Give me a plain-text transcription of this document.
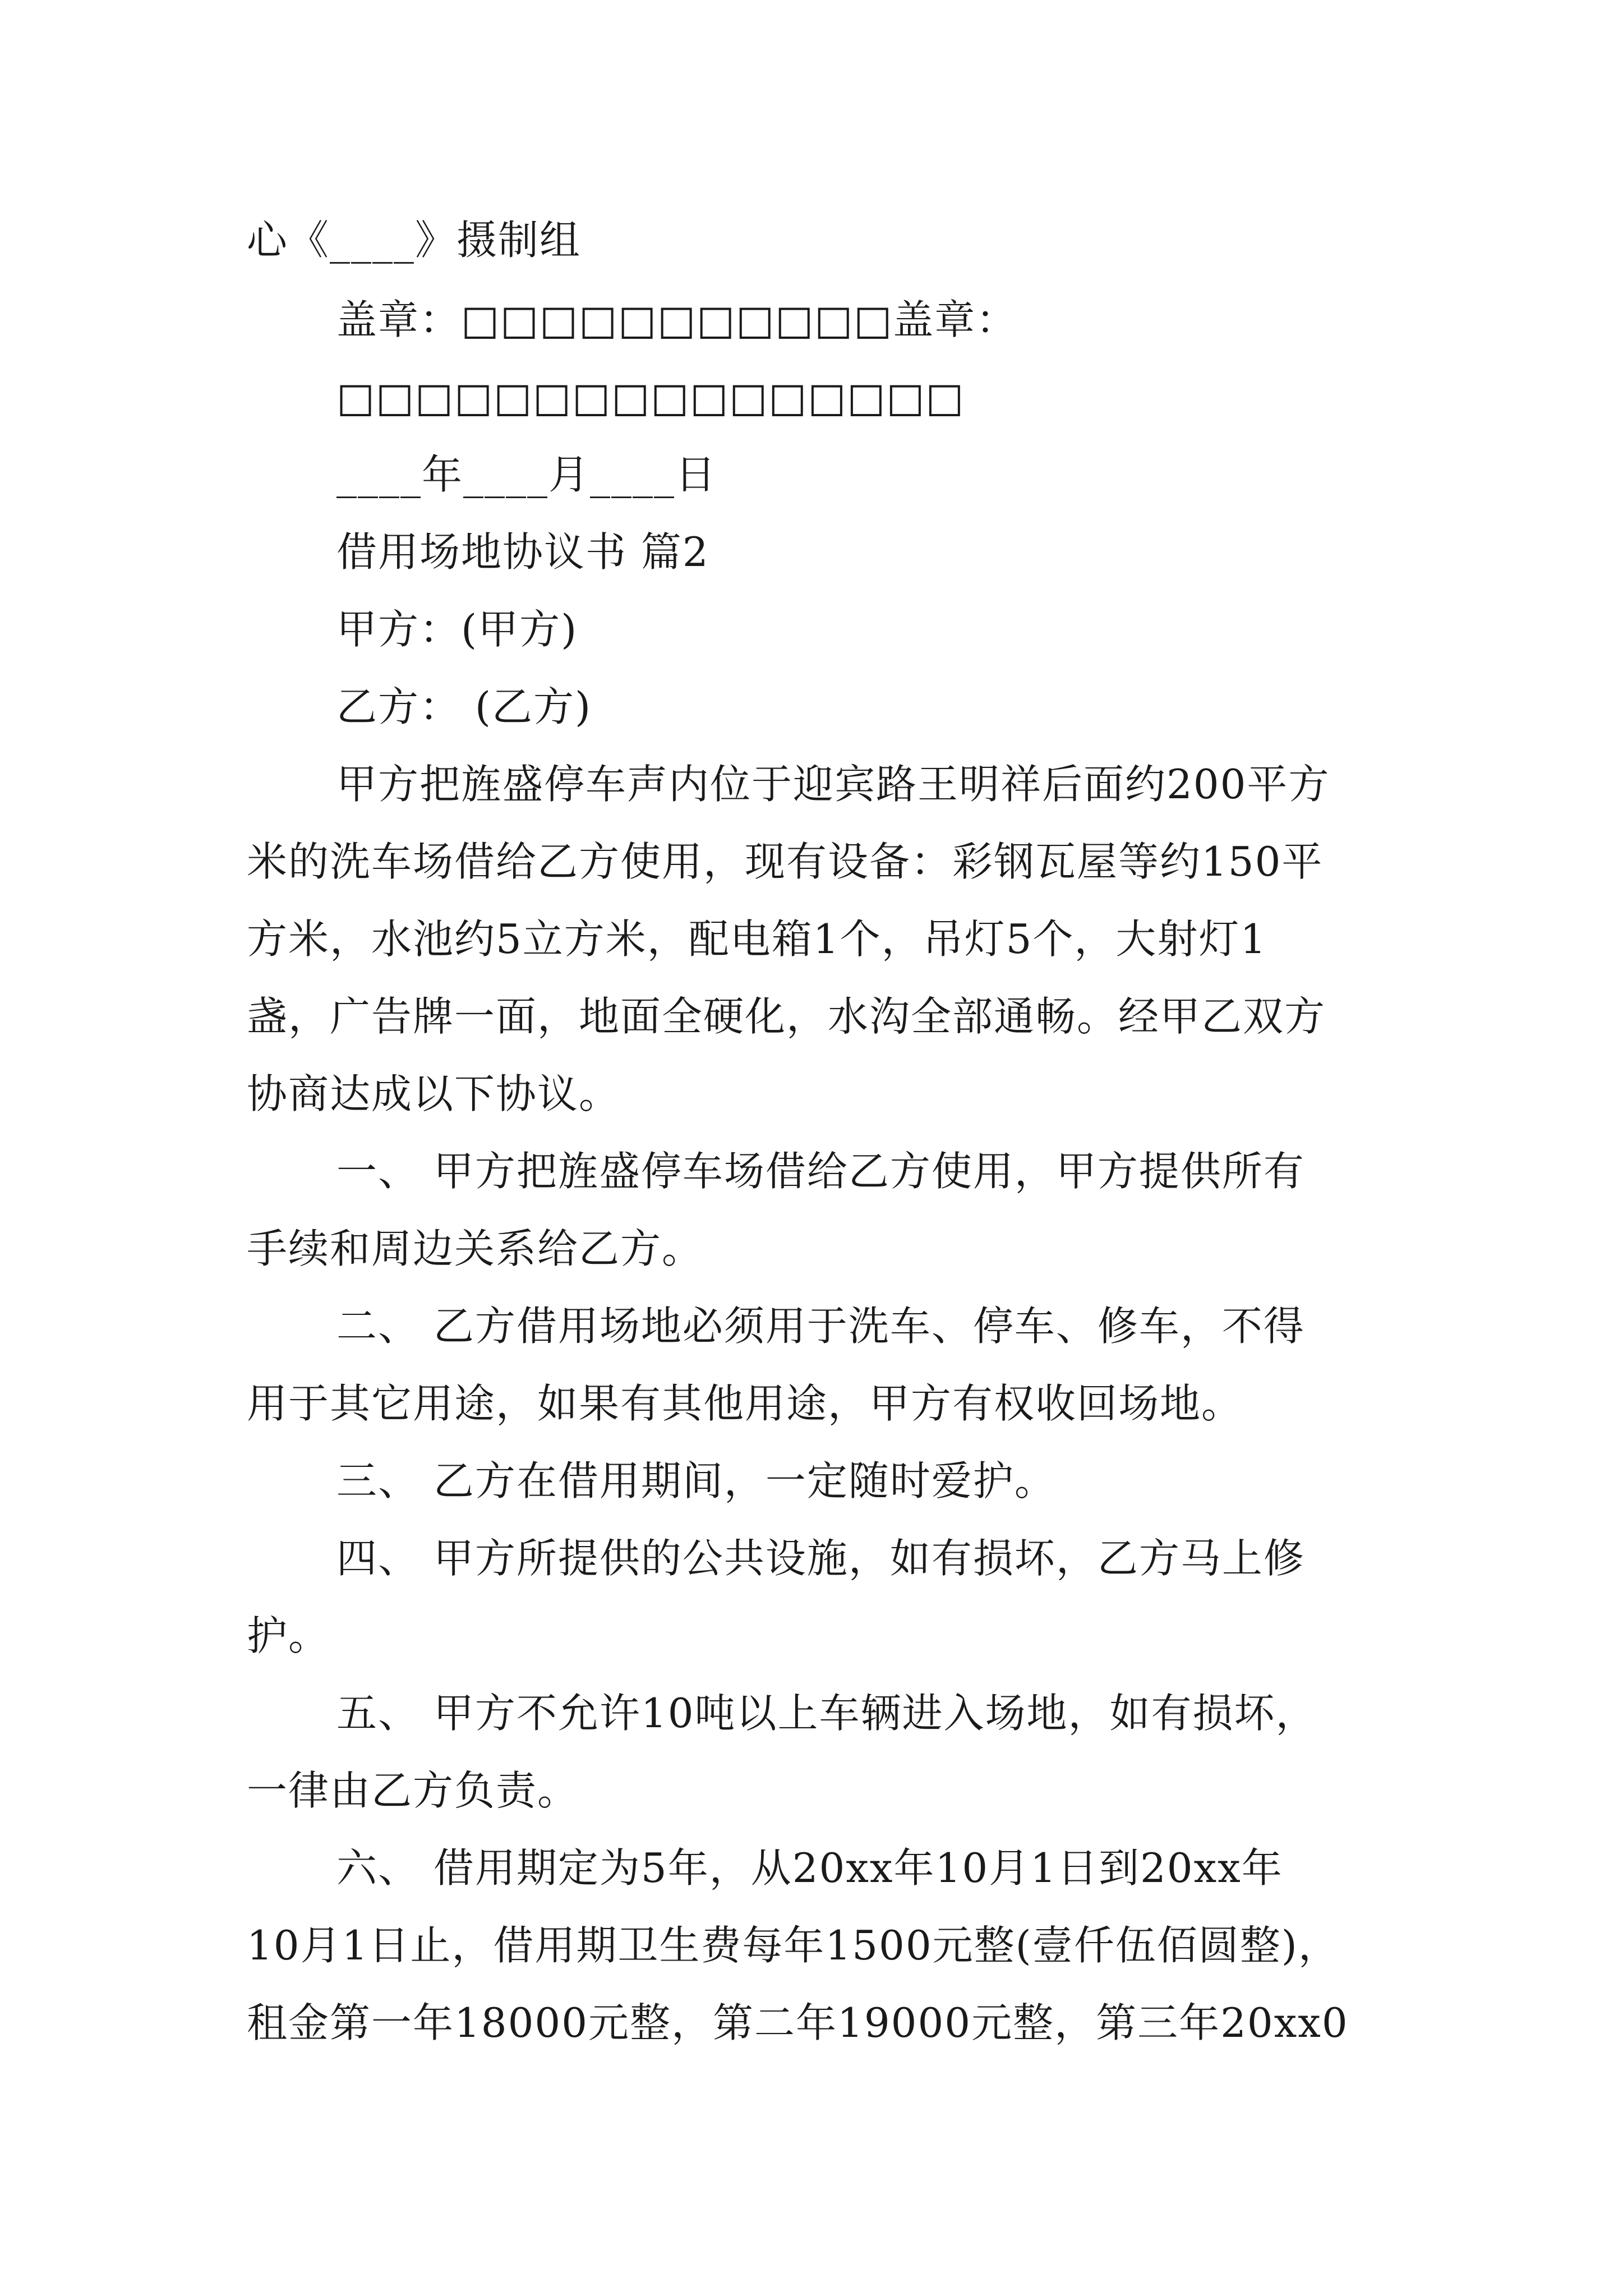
心《____》摄制组
盖章：□□□□□□□□□□□盖章：
□□□□□□□□□□□□□□□□
____年____月____日
借用场地协议书 篇2
甲方：(甲方)
乙方： (乙方)
甲方把旌盛停车声内位于迎宾路王明祥后面约200平方
米的洗车场借给乙方使用，现有设备：彩钢瓦屋等约150平
方米，水池约5立方米，配电箱1个，吊灯5个，大射灯1
盏，广告牌一面，地面全硬化，水沟全部通畅。经甲乙双方
协商达成以下协议。
一、 甲方把旌盛停车场借给乙方使用，甲方提供所有
手续和周边关系给乙方。
二、 乙方借用场地必须用于洗车、停车、修车，不得
用于其它用途，如果有其他用途，甲方有权收回场地。
三、 乙方在借用期间，一定随时爱护。
四、 甲方所提供的公共设施，如有损坏，乙方马上修
护。
五、 甲方不允许10吨以上车辆进入场地，如有损坏，
一律由乙方负责。
六、 借用期定为5年，从20xx年10月1日到20xx年
10月1日止，借用期卫生费每年1500元整(壹仟伍佰圆整)，
租金第一年18000元整，第二年19000元整，第三年20xx0
